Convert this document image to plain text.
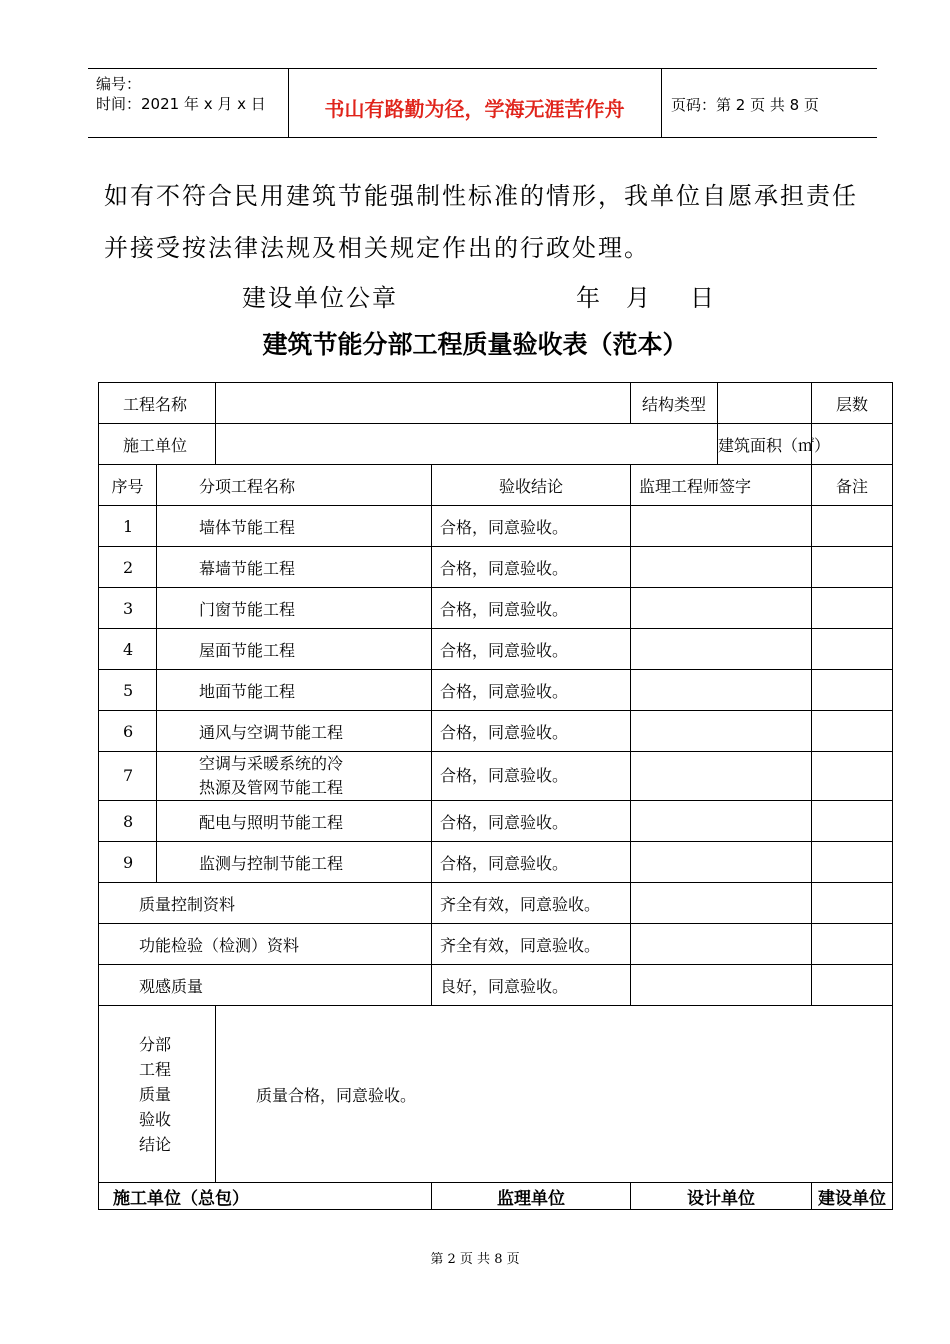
编号：
时间：2021 年 x 月 x 日	书山有路勤为径，学海无涯苦作舟	页码：第 2 页 共 8 页
如有不符合民用建筑节能强制性标准的情形，我单位自愿承担责任
并接受按法律法规及相关规定作出的行政处理。
建设单位公章	年 月 日
建筑节能分部工程质量验收表（范本）
工程名称				结构类型		层数

施工单位					建筑面积（㎡）	
序号	分项工程名称		验收结论	监理工程师签字		备注
1	墙体节能工程		合格，同意验收。			
2	幕墙节能工程		合格，同意验收。			
3	门窗节能工程		合格，同意验收。			
4	屋面节能工程		合格，同意验收。			
5	地面节能工程		合格，同意验收。			
6	通风与空调节能工程		合格，同意验收。			
7	空调与采暖系统的冷
热源及管网节能工程		合格，同意验收。			
8	配电与照明节能工程		合格，同意验收。			
9	监测与控制节能工程		合格，同意验收。			
质量控制资料			齐全有效，同意验收。			
功能检验（检测）资料			齐全有效，同意验收。			
观感质量			良好，同意验收。			

分部
工程
质量
验收
结论		质量合格，同意验收。				
施工单位（总包）			监理单位	设计单位		建设单位
第 2 页 共 8 页
